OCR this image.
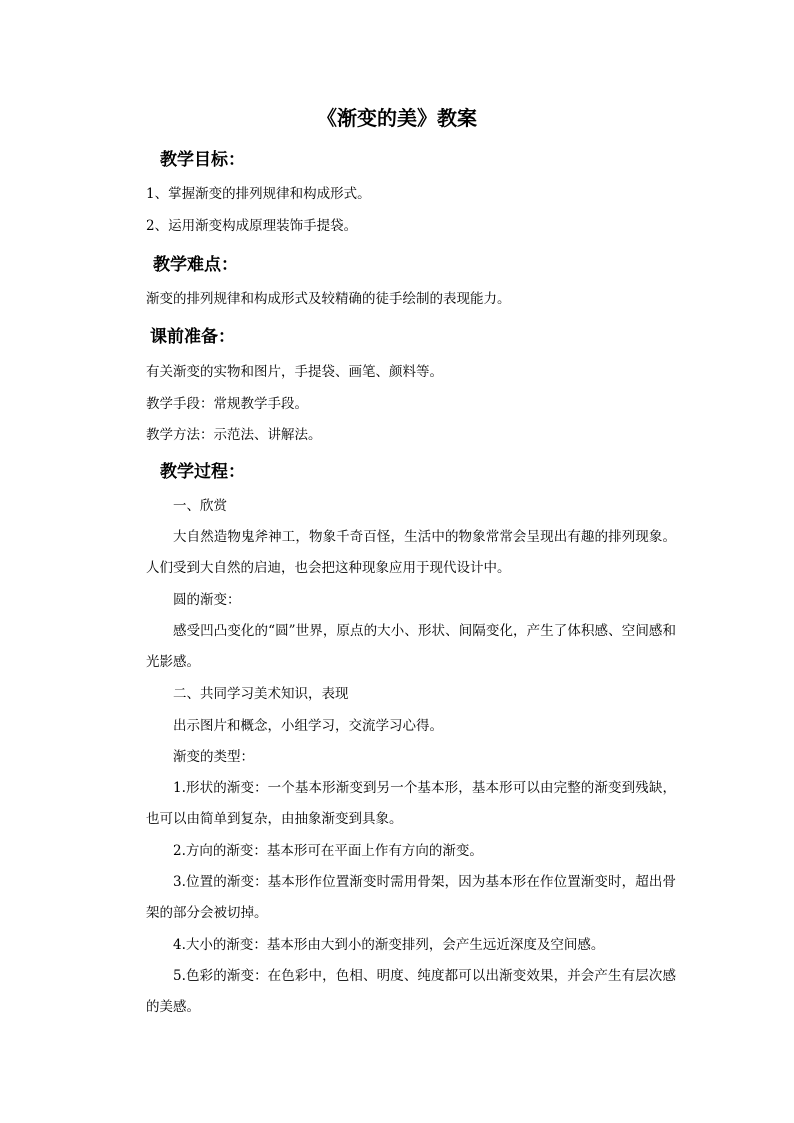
《渐变的美》教案
教学目标：
1、掌握渐变的排列规律和构成形式。
2、运用渐变构成原理装饰手提袋。
教学难点：
渐变的排列规律和构成形式及较精确的徒手绘制的表现能力。
课前准备：
有关渐变的实物和图片，手提袋、画笔、颜料等。
教学手段：常规教学手段。
教学方法：示范法、讲解法。
教学过程：
一、欣赏
大自然造物鬼斧神工，物象千奇百怪，生活中的物象常常会呈现出有趣的排列现象。人们受到大自然的启迪，也会把这种现象应用于现代设计中。
圆的渐变：
感受凹凸变化的“圆”世界，原点的大小、形状、间隔变化，产生了体积感、空间感和光影感。
二、共同学习美术知识，表现
出示图片和概念，小组学习，交流学习心得。
渐变的类型：
1.形状的渐变：一个基本形渐变到另一个基本形，基本形可以由完整的渐变到残缺，也可以由简单到复杂，由抽象渐变到具象。
2.方向的渐变：基本形可在平面上作有方向的渐变。
3.位置的渐变：基本形作位置渐变时需用骨架，因为基本形在作位置渐变时，超出骨架的部分会被切掉。
4.大小的渐变：基本形由大到小的渐变排列，会产生远近深度及空间感。
5.色彩的渐变：在色彩中，色相、明度、纯度都可以出渐变效果，并会产生有层次感的美感。
